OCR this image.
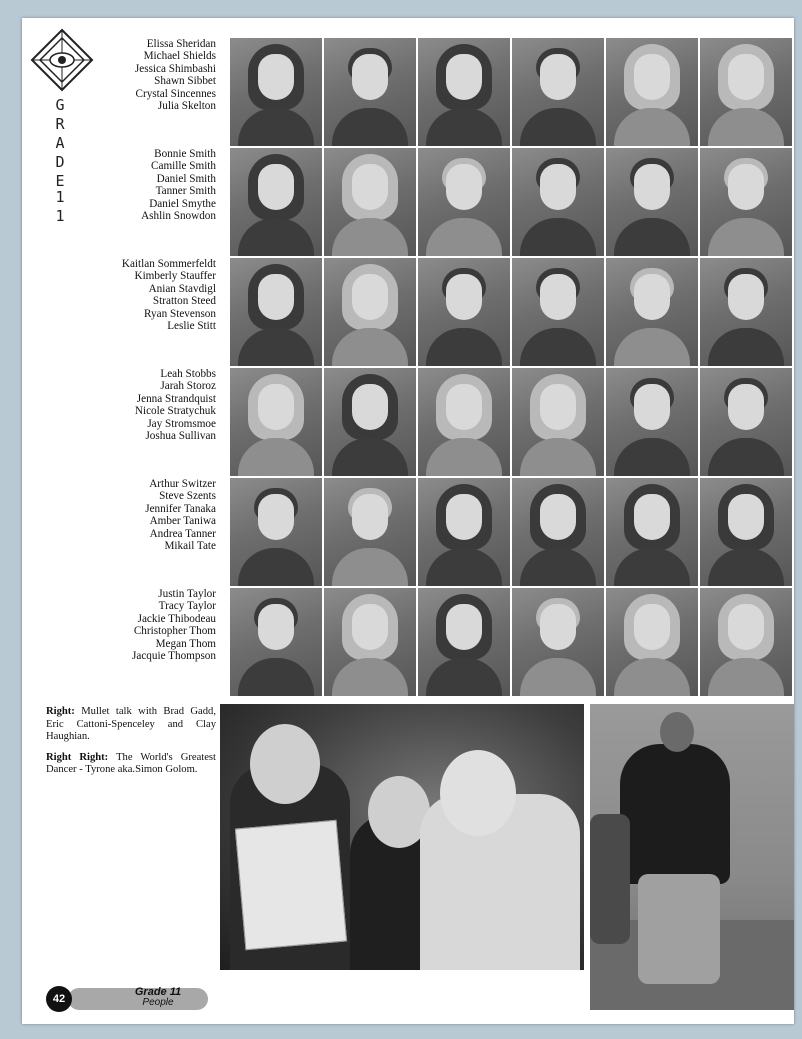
G
R
A
D
E
1
1
Elissa Sheridan
Michael Shields
Jessica Shimbashi
Shawn Sibbet
Crystal Sincennes
Julia Skelton
Bonnie Smith
Camille Smith
Daniel Smith
Tanner Smith
Daniel Smythe
Ashlin Snowdon
Kaitlan Sommerfeldt
Kimberly Stauffer
Anian Stavdigl
Stratton Steed
Ryan Stevenson
Leslie Stitt
Leah Stobbs
Jarah Storoz
Jenna Strandquist
Nicole Stratychuk
Jay Stromsmoe
Joshua Sullivan
Arthur Switzer
Steve Szents
Jennifer Tanaka
Amber Taniwa
Andrea Tanner
Mikail Tate
Justin Taylor
Tracy Taylor
Jackie Thibodeau
Christopher Thom
Megan Thom
Jacquie Thompson

Right: Mullet talk with Brad Gadd, Eric Cattoni-Spenceley and Clay Haughian.

Right Right: The World's Greatest Dancer - Tyrone aka.Simon Golom.

42
Grade 11
People
